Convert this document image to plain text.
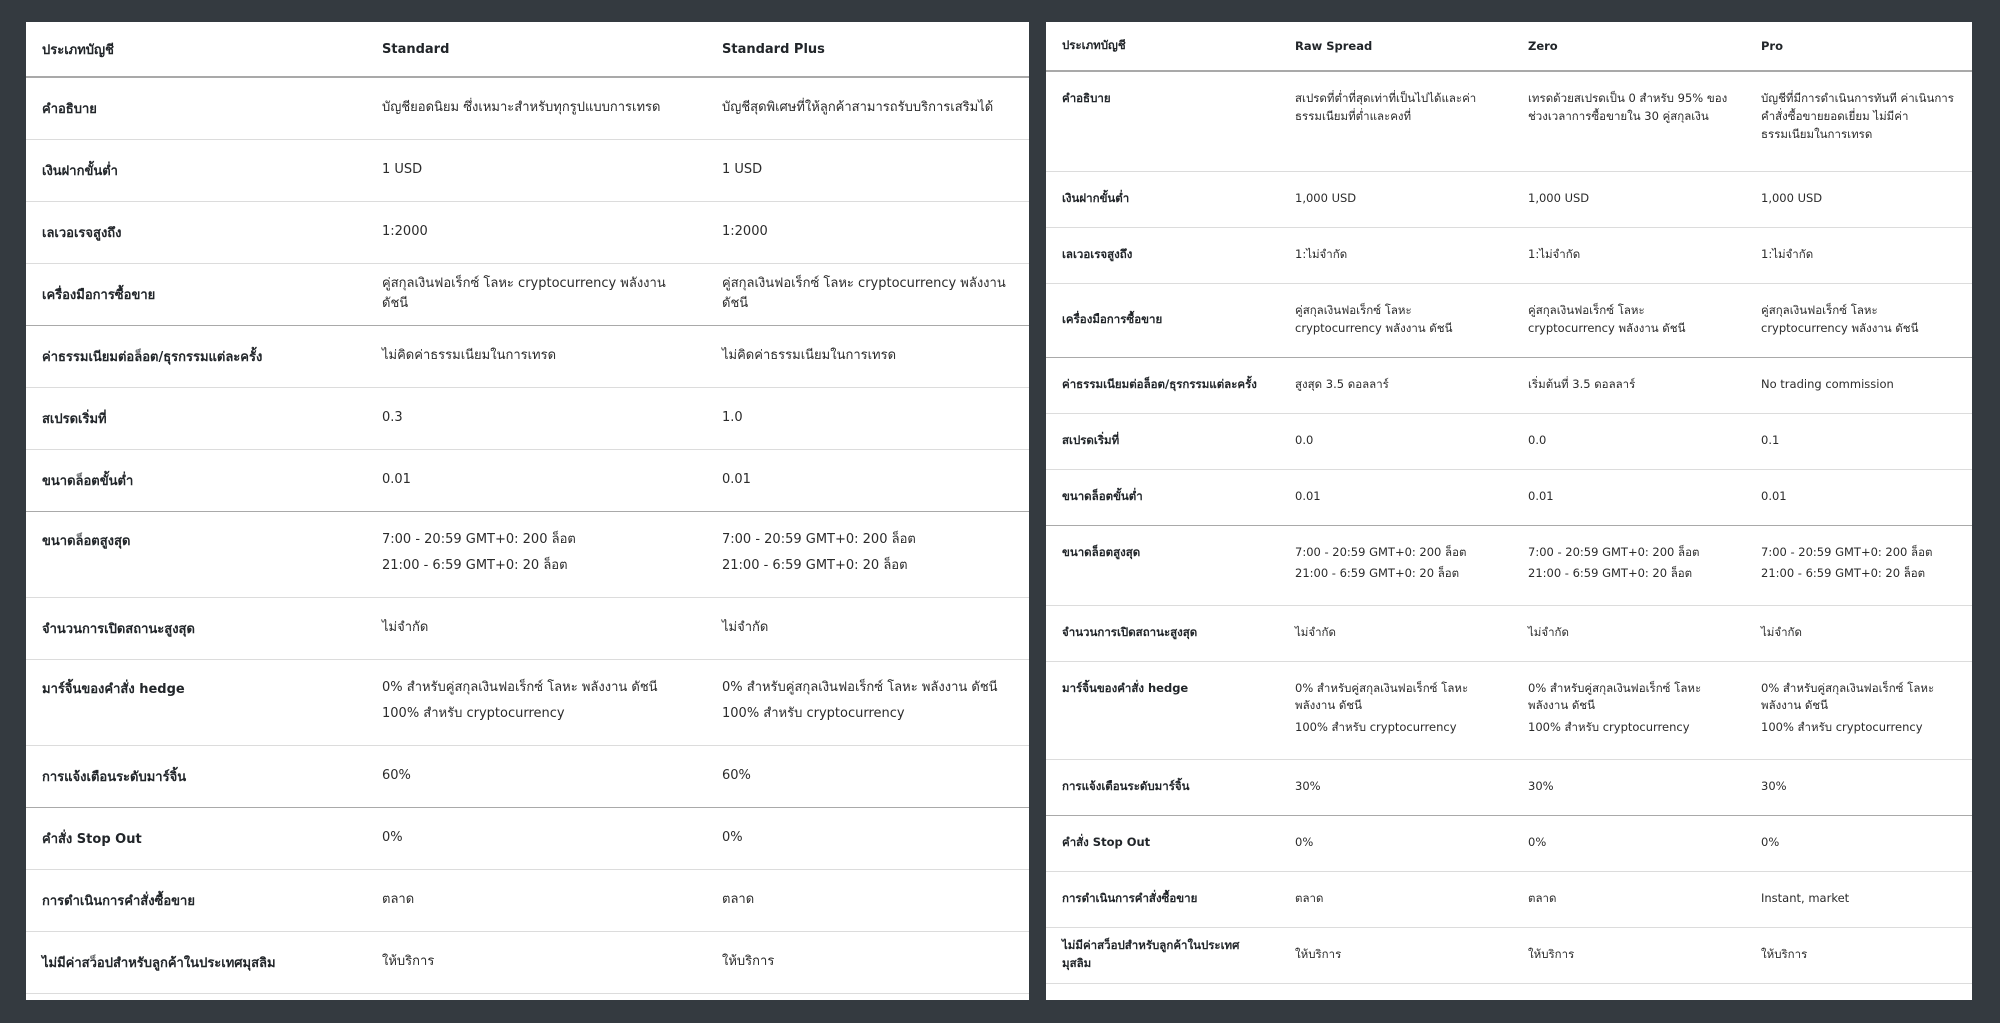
ประเภทบัญชี	Standard	Standard Plus
คำอธิบาย	บัญชียอดนิยม ซึ่งเหมาะสำหรับทุกรูปแบบการเทรด	บัญชีสุดพิเศษที่ให้ลูกค้าสามารถรับบริการเสริมได้

เงินฝากขั้นต่ำ	1 USD	1 USD

เลเวอเรจสูงถึง	1:2000	1:2000

เครื่องมือการซื้อขาย	คู่สกุลเงินฟอเร็กซ์ โลหะ cryptocurrency พลังงาน ดัชนี	คู่สกุลเงินฟอเร็กซ์ โลหะ cryptocurrency พลังงาน ดัชนี

ค่าธรรมเนียมต่อล็อต/ธุรกรรมแต่ละครั้ง	ไม่คิดค่าธรรมเนียมในการเทรด	ไม่คิดค่าธรรมเนียมในการเทรด

สเปรดเริ่มที่	0.3	1.0

ขนาดล็อตขั้นต่ำ	0.01	0.01

ขนาดล็อตสูงสุด	7:00 - 20:59 GMT+0: 200 ล็อต
21:00 - 6:59 GMT+0: 20 ล็อต	7:00 - 20:59 GMT+0: 200 ล็อต
21:00 - 6:59 GMT+0: 20 ล็อต

จำนวนการเปิดสถานะสูงสุด	ไม่จำกัด	ไม่จำกัด

มาร์จิ้นของคำสั่ง hedge	0% สำหรับคู่สกุลเงินฟอเร็กซ์ โลหะ พลังงาน ดัชนี
100% สำหรับ cryptocurrency	0% สำหรับคู่สกุลเงินฟอเร็กซ์ โลหะ พลังงาน ดัชนี
100% สำหรับ cryptocurrency

การแจ้งเตือนระดับมาร์จิ้น	60%	60%

คำสั่ง Stop Out	0%	0%

การดำเนินการคำสั่งซื้อขาย	ตลาด	ตลาด

ไม่มีค่าสว็อปสำหรับลูกค้าในประเทศมุสลิม	ให้บริการ	ให้บริการ
ประเภทบัญชี	Raw Spread	Zero	Pro
คำอธิบาย	สเปรดที่ต่ำที่สุดเท่าที่เป็นไปได้และค่าธรรมเนียมที่ต่ำและคงที่	เทรดด้วยสเปรดเป็น 0 สำหรับ 95% ของช่วงเวลาการซื้อขายใน 30 คู่สกุลเงิน	บัญชีที่มีการดำเนินการทันที ค่าเนินการคำสั่งซื้อขายยอดเยี่ยม ไม่มีค่าธรรมเนียมในการเทรด

เงินฝากขั้นต่ำ	1,000 USD	1,000 USD	1,000 USD

เลเวอเรจสูงถึง	1:ไม่จำกัด	1:ไม่จำกัด	1:ไม่จำกัด

เครื่องมือการซื้อขาย	คู่สกุลเงินฟอเร็กซ์ โลหะ cryptocurrency พลังงาน ดัชนี	คู่สกุลเงินฟอเร็กซ์ โลหะ cryptocurrency พลังงาน ดัชนี	คู่สกุลเงินฟอเร็กซ์ โลหะ cryptocurrency พลังงาน ดัชนี

ค่าธรรมเนียมต่อล็อต/ธุรกรรมแต่ละครั้ง	สูงสุด 3.5 ดอลลาร์	เริ่มต้นที่ 3.5 ดอลลาร์	No trading commission

สเปรดเริ่มที่	0.0	0.0	0.1

ขนาดล็อตขั้นต่ำ	0.01	0.01	0.01

ขนาดล็อตสูงสุด	7:00 - 20:59 GMT+0: 200 ล็อต
21:00 - 6:59 GMT+0: 20 ล็อต	7:00 - 20:59 GMT+0: 200 ล็อต
21:00 - 6:59 GMT+0: 20 ล็อต	7:00 - 20:59 GMT+0: 200 ล็อต
21:00 - 6:59 GMT+0: 20 ล็อต

จำนวนการเปิดสถานะสูงสุด	ไม่จำกัด	ไม่จำกัด	ไม่จำกัด

มาร์จิ้นของคำสั่ง hedge	0% สำหรับคู่สกุลเงินฟอเร็กซ์ โลหะ พลังงาน ดัชนี
100% สำหรับ cryptocurrency	0% สำหรับคู่สกุลเงินฟอเร็กซ์ โลหะ พลังงาน ดัชนี
100% สำหรับ cryptocurrency	0% สำหรับคู่สกุลเงินฟอเร็กซ์ โลหะ พลังงาน ดัชนี
100% สำหรับ cryptocurrency

การแจ้งเตือนระดับมาร์จิ้น	30%	30%	30%

คำสั่ง Stop Out	0%	0%	0%

การดำเนินการคำสั่งซื้อขาย	ตลาด	ตลาด	Instant, market

ไม่มีค่าสว็อปสำหรับลูกค้าในประเทศมุสลิม	ให้บริการ	ให้บริการ	ให้บริการ
